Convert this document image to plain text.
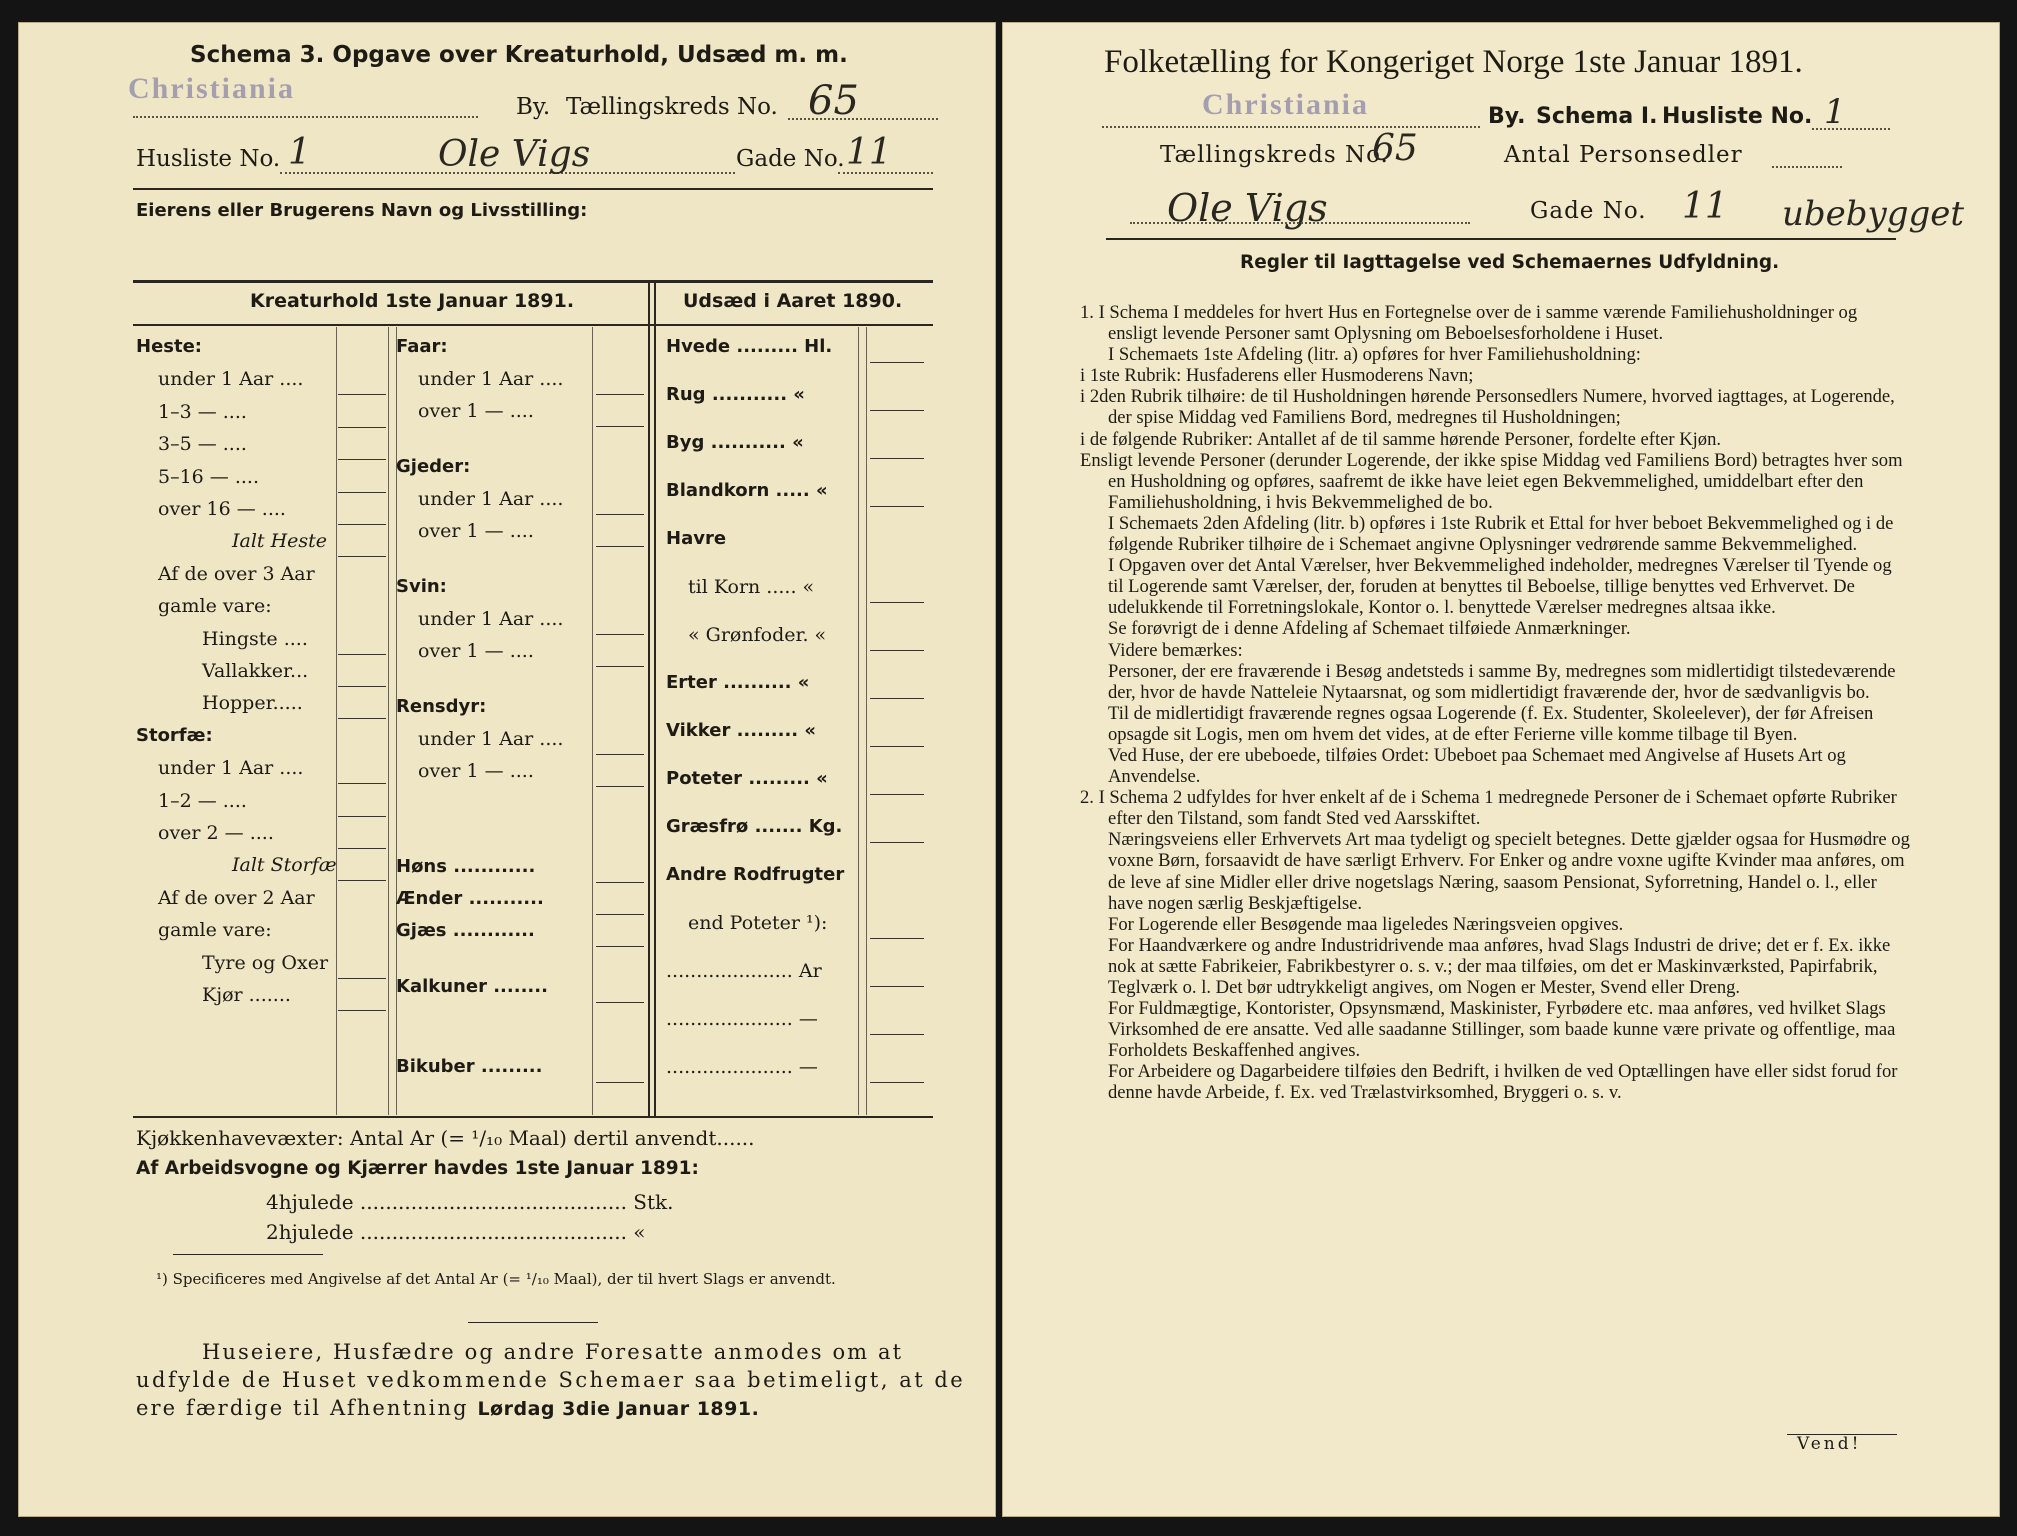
Schema 3. Opgave over Kreaturhold, Udsæd m. m.
Christiania
By. Tællingskreds No. 65
Husliste No. 1	Ole Vigs	Gade No. 11
Eierens eller Brugerens Navn og Livsstilling:
Kreaturhold 1ste Januar 1891.	Udsæd i Aaret 1890.
Heste:
under 1 Aar ....
1–3 — ....
3–5 — ....
5–16 — ....
over 16 — ....
Ialt Heste
Af de over 3 Aar
gamle vare:
Hingste ....
Vallakker...
Hopper.....
Storfæ:
under 1 Aar ....
1–2 — ....
over 2 — ....
Ialt Storfæ
Af de over 2 Aar
gamle vare:
Tyre og Oxer
Kjør .......
Faar:
under 1 Aar ....
over 1 — ....
Gjeder:
under 1 Aar ....
over 1 — ....
Svin:
under 1 Aar ....
over 1 — ....
Rensdyr:
under 1 Aar ....
over 1 — ....
Høns ............
Ænder ...........
Gjæs ............
Kalkuner ........
Bikuber .........
Hvede ......... Hl.
Rug ........... «
Byg ........... «
Blandkorn ..... «
Havre
til Korn ..... «
« Grønfoder. «
Erter .......... «
Vikker ......... «
Poteter ......... «
Græsfrø ....... Kg.
Andre Rodfrugter
end Poteter ¹):
..................... Ar
..................... —
..................... —
Kjøkkenhavevæxter: Antal Ar (= ¹/₁₀ Maal) dertil anvendt......
Af Arbeidsvogne og Kjærrer havdes 1ste Januar 1891:
4hjulede .......................................... Stk.
2hjulede .......................................... «
¹) Specificeres med Angivelse af det Antal Ar (= ¹/₁₀ Maal), der til hvert Slags er anvendt.
Huseiere, Husfædre og andre Foresatte anmodes om at
udfylde de Huset vedkommende Schemaer saa betimeligt, at de
ere færdige til Afhentning Lørdag 3die Januar 1891.
Folketælling for Kongeriget Norge 1ste Januar 1891.
Christiania	By. Schema I. Husliste No. 1
Tællingskreds No.
65	Antal Personsedler
Ole Vigs	Gade No. 11 ubebygget
Regler til Iagttagelse ved Schemaernes Udfyldning.

1. I Schema I meddeles for hvert Hus en Fortegnelse over de i samme værende Familiehusholdninger og ensligt levende Personer samt Oplysning om Beboelsesforholdene i Huset.

I Schemaets 1ste Afdeling (litr. a) opføres for hver Familiehusholdning:

i 1ste Rubrik: Husfaderens eller Husmoderens Navn;

i 2den Rubrik tilhøire: de til Husholdningen hørende Personsedlers Numere, hvorved iagttages, at Logerende, der spise Middag ved Familiens Bord, medregnes til Husholdningen;

i de følgende Rubriker: Antallet af de til samme hørende Personer, fordelte efter Kjøn.

Ensligt levende Personer (derunder Logerende, der ikke spise Middag ved Familiens Bord) betragtes hver som en Husholdning og opføres, saafremt de ikke have leiet egen Bekvemmelighed, umiddelbart efter den Familiehusholdning, i hvis Bekvemmelighed de bo.

I Schemaets 2den Afdeling (litr. b) opføres i 1ste Rubrik et Ettal for hver beboet Bekvemmelighed og i de følgende Rubriker tilhøire de i Schemaet angivne Oplysninger vedrørende samme Bekvemmelighed.

I Opgaven over det Antal Værelser, hver Bekvemmelighed indeholder, medregnes Værelser til Tyende og til Logerende samt Værelser, der, foruden at benyttes til Beboelse, tillige benyttes ved Erhvervet. De udelukkende til Forretningslokale, Kontor o. l. benyttede Værelser medregnes altsaa ikke.

Se forøvrigt de i denne Afdeling af Schemaet tilføiede Anmærkninger.

Videre bemærkes:

Personer, der ere fraværende i Besøg andetsteds i samme By, medregnes som midlertidigt tilstedeværende der, hvor de havde Natteleie Nytaarsnat, og som midlertidigt fraværende der, hvor de sædvanligvis bo.

Til de midlertidigt fraværende regnes ogsaa Logerende (f. Ex. Studenter, Skoleelever), der før Afreisen opsagde sit Logis, men om hvem det vides, at de efter Ferierne ville komme tilbage til Byen.

Ved Huse, der ere ubeboede, tilføies Ordet: Ubeboet paa Schemaet med Angivelse af Husets Art og Anvendelse.

2. I Schema 2 udfyldes for hver enkelt af de i Schema 1 medregnede Personer de i Schemaet opførte Rubriker efter den Tilstand, som fandt Sted ved Aarsskiftet.

Næringsveiens eller Erhvervets Art maa tydeligt og specielt betegnes. Dette gjælder ogsaa for Husmødre og voxne Børn, forsaavidt de have særligt Erhverv. For Enker og andre voxne ugifte Kvinder maa anføres, om de leve af sine Midler eller drive nogetslags Næring, saasom Pensionat, Syforretning, Handel o. l., eller have nogen særlig Beskjæftigelse.

For Logerende eller Besøgende maa ligeledes Næringsveien opgives.

For Haandværkere og andre Industridrivende maa anføres, hvad Slags Industri de drive; det er f. Ex. ikke nok at sætte Fabrikeier, Fabrikbestyrer o. s. v.; der maa tilføies, om det er Maskinværksted, Papirfabrik, Teglværk o. l. Det bør udtrykkeligt angives, om Nogen er Mester, Svend eller Dreng.

For Fuldmægtige, Kontorister, Opsynsmænd, Maskinister, Fyrbødere etc. maa anføres, ved hvilket Slags Virksomhed de ere ansatte. Ved alle saadanne Stillinger, som baade kunne være private og offentlige, maa Forholdets Beskaffenhed angives.

For Arbeidere og Dagarbeidere tilføies den Bedrift, i hvilken de ved Optællingen have eller sidst forud for denne havde Arbeide, f. Ex. ved Trælastvirksomhed, Bryggeri o. s. v.

Vend!
